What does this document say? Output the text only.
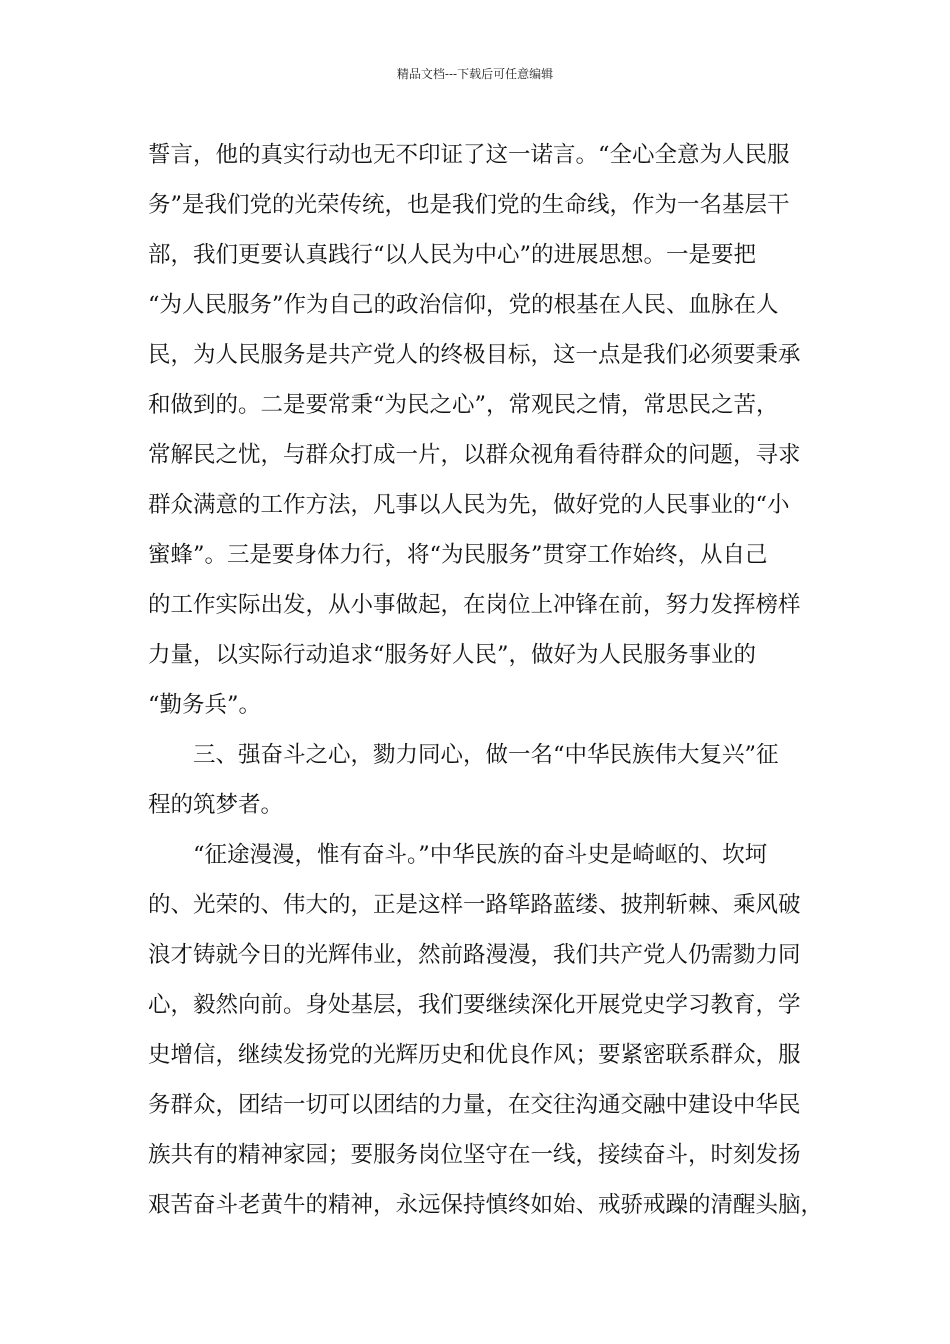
精品文档---下载后可任意编辑
誓言，他的真实行动也无不印证了这一诺言。“全心全意为人民服
务”是我们党的光荣传统，也是我们党的生命线，作为一名基层干
部，我们更要认真践行“以人民为中心”的进展思想。一是要把
“为人民服务”作为自己的政治信仰，党的根基在人民、血脉在人
民，为人民服务是共产党人的终极目标，这一点是我们必须要秉承
和做到的。二是要常秉“为民之心”，常观民之情，常思民之苦，
常解民之忧，与群众打成一片，以群众视角看待群众的问题，寻求
群众满意的工作方法，凡事以人民为先，做好党的人民事业的“小
蜜蜂”。三是要身体力行，将“为民服务”贯穿工作始终，从自己
的工作实际出发，从小事做起，在岗位上冲锋在前，努力发挥榜样
力量，以实际行动追求“服务好人民”，做好为人民服务事业的
“勤务兵”。
三、强奋斗之心，勠力同心，做一名“中华民族伟大复兴”征
程的筑梦者。
“征途漫漫，惟有奋斗。”中华民族的奋斗史是崎岖的、坎坷
的、光荣的、伟大的，正是这样一路筚路蓝缕、披荆斩棘、乘风破
浪才铸就今日的光辉伟业，然前路漫漫，我们共产党人仍需勠力同
心，毅然向前。身处基层，我们要继续深化开展党史学习教育，学
史增信，继续发扬党的光辉历史和优良作风；要紧密联系群众，服
务群众，团结一切可以团结的力量，在交往沟通交融中建设中华民
族共有的精神家园；要服务岗位坚守在一线，接续奋斗，时刻发扬
艰苦奋斗老黄牛的精神，永远保持慎终如始、戒骄戒躁的清醒头脑，
